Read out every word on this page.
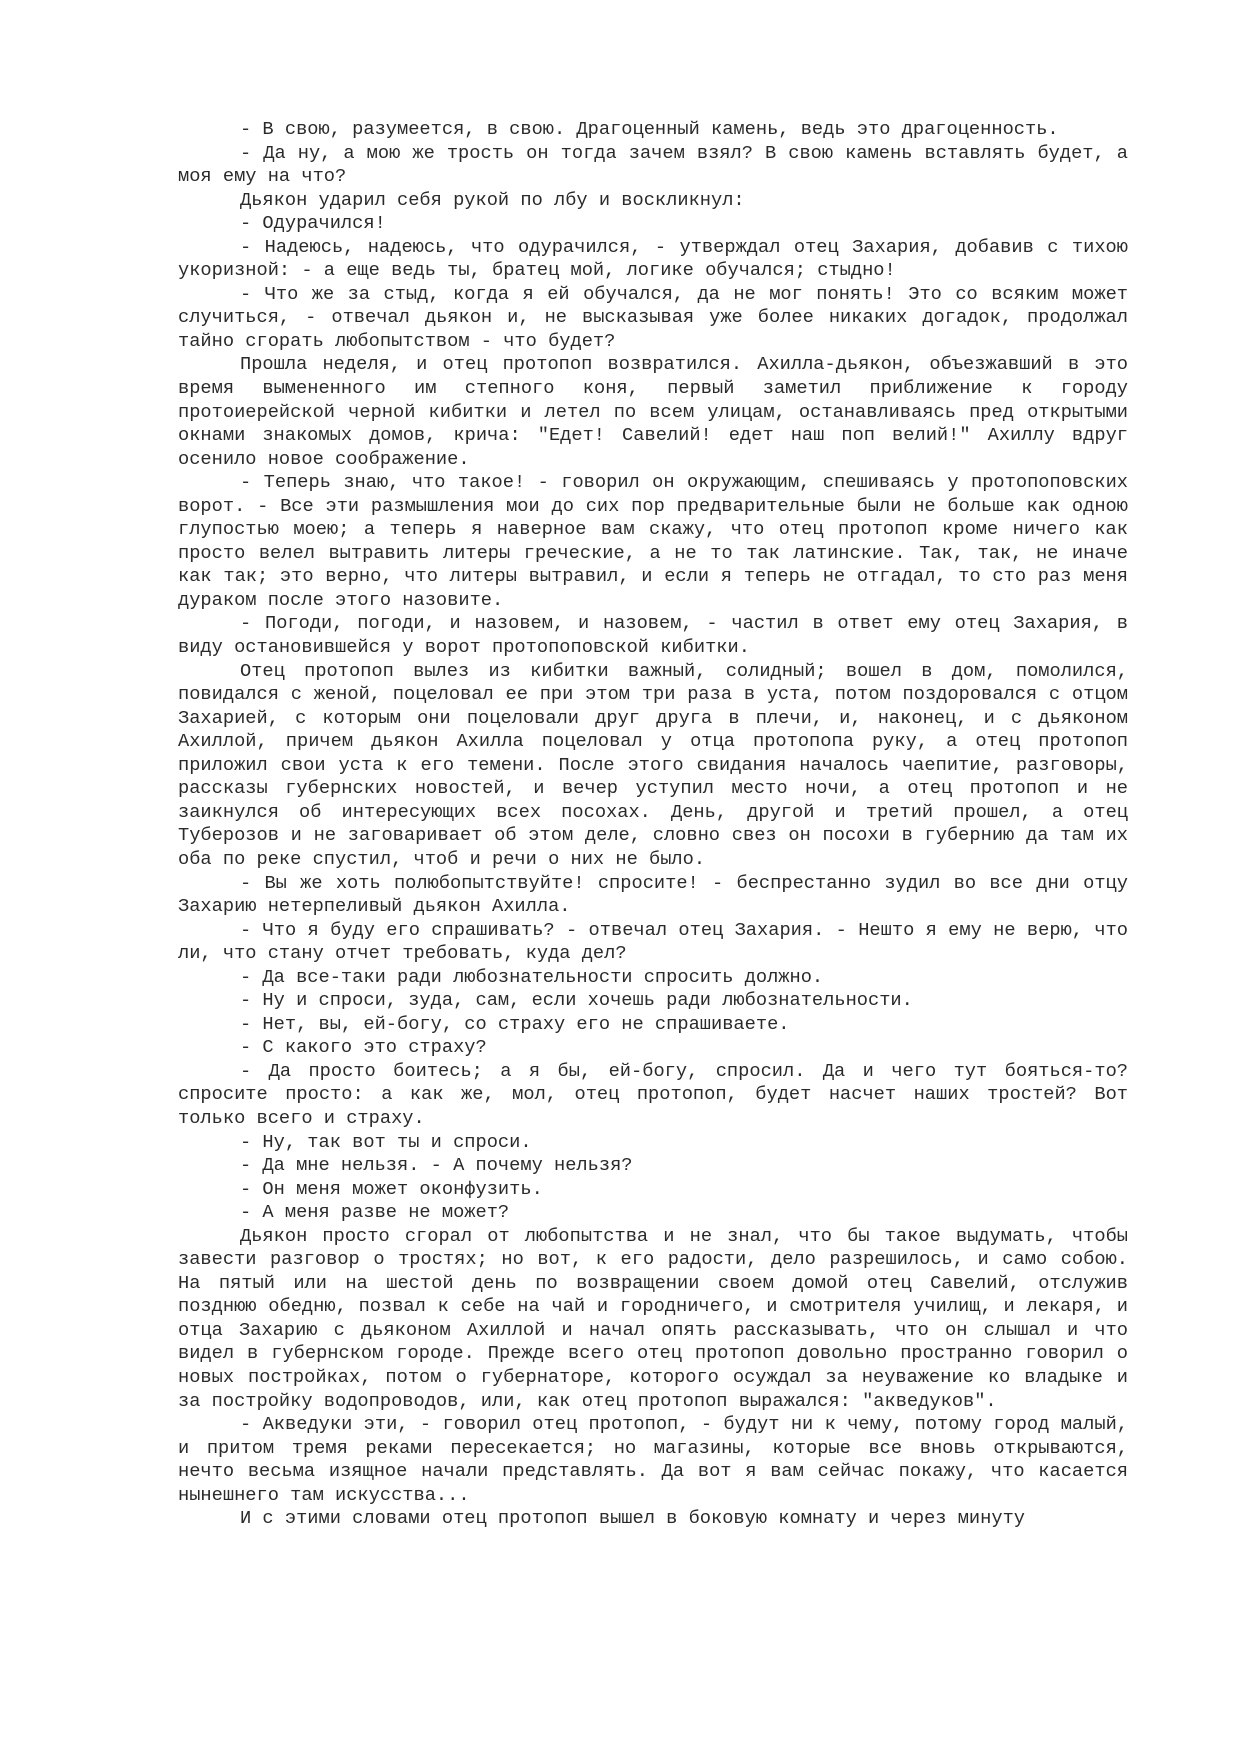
- В свою, разумеется, в свою. Драгоценный камень, ведь это драгоценность.

- Да ну, а мою же трость он тогда зачем взял? В свою камень вставлять будет, а моя ему на что?

Дьякон ударил себя рукой по лбу и воскликнул:

- Одурачился!

- Надеюсь, надеюсь, что одурачился, - утверждал отец Захария, добавив с тихою укоризной: - а еще ведь ты, братец мой, логике обучался; стыдно!

- Что же за стыд, когда я ей обучался, да не мог понять! Это со всяким может случиться, - отвечал дьякон и, не высказывая уже более никаких догадок, продолжал тайно сгорать любопытством - что будет?

Прошла неделя, и отец протопоп возвратился. Ахилла-дьякон, объезжавший в это время вымененного им степного коня, первый заметил приближение к городу протоиерейской черной кибитки и летел по всем улицам, останавливаясь пред открытыми окнами знакомых домов, крича: "Едет! Савелий! едет наш поп велий!" Ахиллу вдруг осенило новое соображение.

- Теперь знаю, что такое! - говорил он окружающим, спешиваясь у протопоповских ворот. - Все эти размышления мои до сих пор предварительные были не больше как одною глупостью моею; а теперь я наверное вам скажу, что отец протопоп кроме ничего как просто велел вытравить литеры греческие, а не то так латинские. Так, так, не иначе как так; это верно, что литеры вытравил, и если я теперь не отгадал, то сто раз меня дураком после этого назовите.

- Погоди, погоди, и назовем, и назовем, - частил в ответ ему отец Захария, в виду остановившейся у ворот протопоповской кибитки.

Отец протопоп вылез из кибитки важный, солидный; вошел в дом, помолился, повидался с женой, поцеловал ее при этом три раза в уста, потом поздоровался с отцом Захарией, с которым они поцеловали друг друга в плечи, и, наконец, и с дьяконом Ахиллой, причем дьякон Ахилла поцеловал у отца протопопа руку, а отец протопоп приложил свои уста к его темени. После этого свидания началось чаепитие, разговоры, рассказы губернских новостей, и вечер уступил место ночи, а отец протопоп и не заикнулся об интересующих всех посохах. День, другой и третий прошел, а отец Туберозов и не заговаривает об этом деле, словно свез он посохи в губернию да там их оба по реке спустил, чтоб и речи о них не было.

- Вы же хоть полюбопытствуйте! спросите! - беспрестанно зудил во все дни отцу Захарию нетерпеливый дьякон Ахилла.

- Что я буду его спрашивать? - отвечал отец Захария. - Нешто я ему не верю, что ли, что стану отчет требовать, куда дел?

- Да все-таки ради любознательности спросить должно.

- Ну и спроси, зуда, сам, если хочешь ради любознательности.

- Нет, вы, ей-богу, со страху его не спрашиваете.

- С какого это страху?

- Да просто боитесь; а я бы, ей-богу, спросил. Да и чего тут бояться-то? спросите просто: а как же, мол, отец протопоп, будет насчет наших тростей? Вот только всего и страху.

- Ну, так вот ты и спроси.

- Да мне нельзя. - А почему нельзя?

- Он меня может оконфузить.

- А меня разве не может?

Дьякон просто сгорал от любопытства и не знал, что бы такое выдумать, чтобы завести разговор о тростях; но вот, к его радости, дело разрешилось, и само собою. На пятый или на шестой день по возвращении своем домой отец Савелий, отслужив позднюю обедню, позвал к себе на чай и городничего, и смотрителя училищ, и лекаря, и отца Захарию с дьяконом Ахиллой и начал опять рассказывать, что он слышал и что видел в губернском городе. Прежде всего отец протопоп довольно пространно говорил о новых постройках, потом о губернаторе, которого осуждал за неуважение ко владыке и за постройку водопроводов, или, как отец протопоп выражался: "акведуков".

- Акведуки эти, - говорил отец протопоп, - будут ни к чему, потому город малый, и притом тремя реками пересекается; но магазины, которые все вновь открываются, нечто весьма изящное начали представлять. Да вот я вам сейчас покажу, что касается нынешнего там искусства...

И с этими словами отец протопоп вышел в боковую комнату и через минуту
